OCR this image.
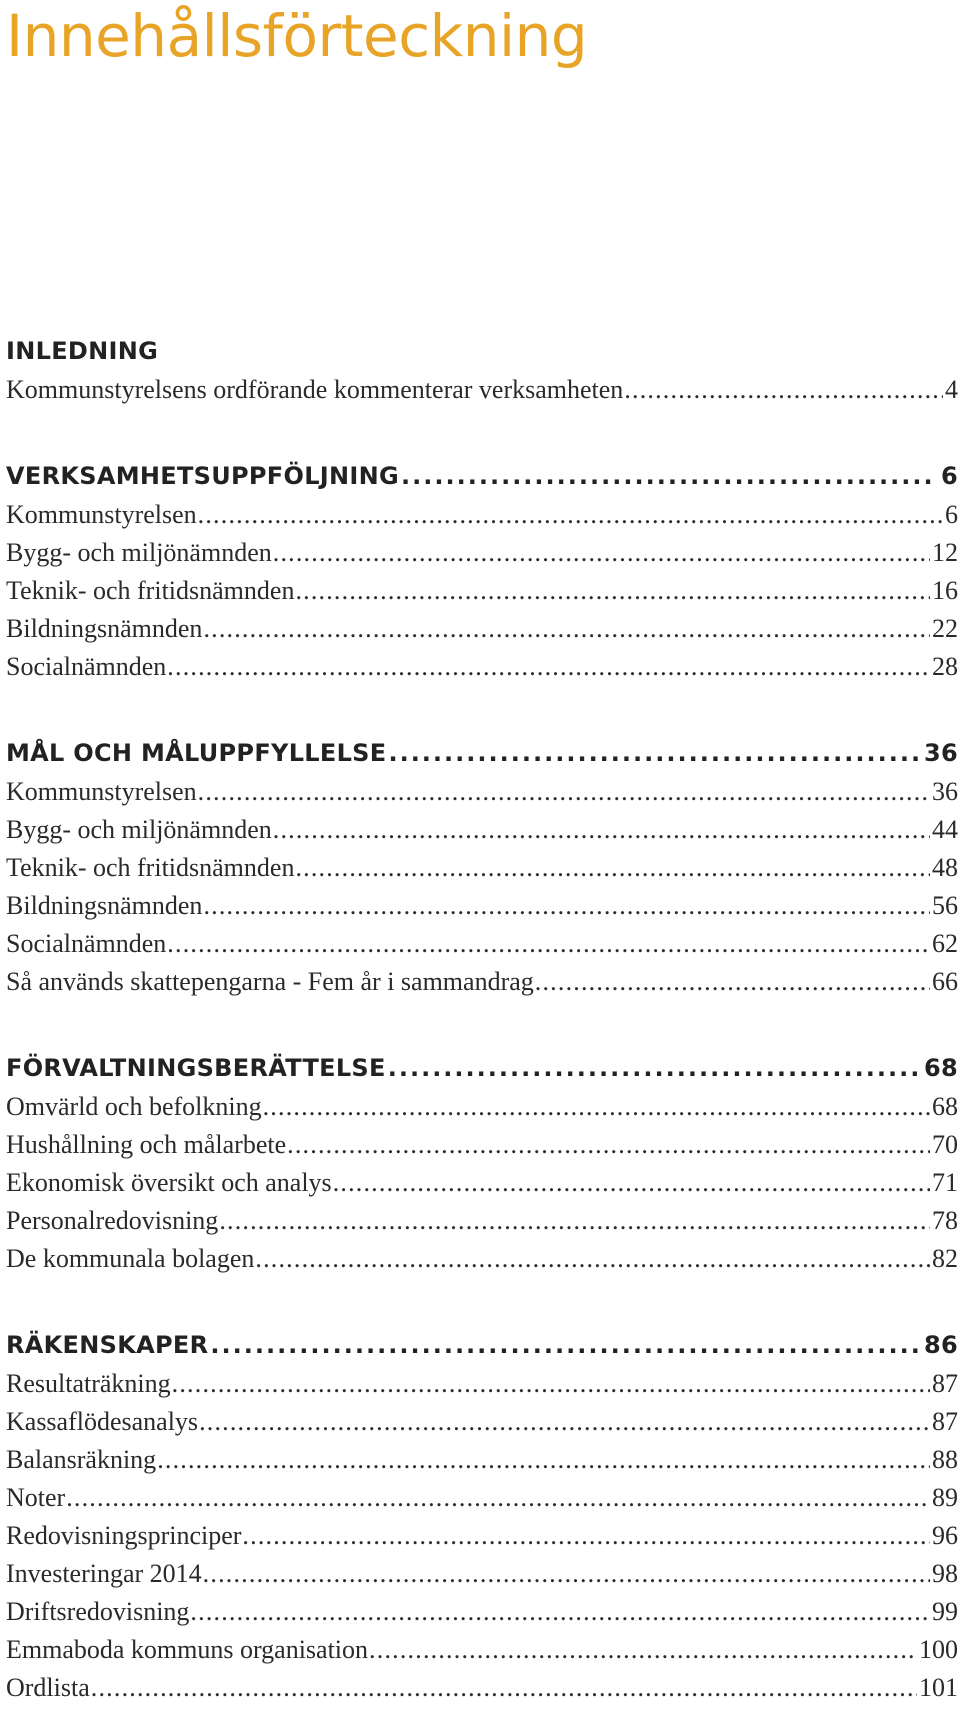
Innehållsförteckning
INLEDNING
Kommunstyrelsens ordförande kommenterar verksamheten .....	4
VERKSAMHETSUPPFÖLJNING .....	6
Kommunstyrelsen .....	6
Bygg- och miljönämnden .....	12
Teknik- och fritidsnämnden .....	16
Bildningsnämnden .....	22
Socialnämnden .....	28
MÅL OCH MÅLUPPFYLLELSE .....	36
Kommunstyrelsen .....	36
Bygg- och miljönämnden .....	44
Teknik- och fritidsnämnden .....	48
Bildningsnämnden .....	56
Socialnämnden .....	62
Så används skattepengarna - Fem år i sammandrag .....	66
FÖRVALTNINGSBERÄTTELSE .....	68
Omvärld och befolkning .....	68
Hushållning och målarbete .....	70
Ekonomisk översikt och analys .....	71
Personalredovisning .....	78
De kommunala bolagen .....	82
RÄKENSKAPER .....	86
Resultaträkning .....	87
Kassaflödesanalys .....	87
Balansräkning .....	88
Noter .....	89
Redovisningsprinciper .....	96
Investeringar 2014 .....	98
Driftsredovisning .....	99
Emmaboda kommuns organisation .....	100
Ordlista .....	101
